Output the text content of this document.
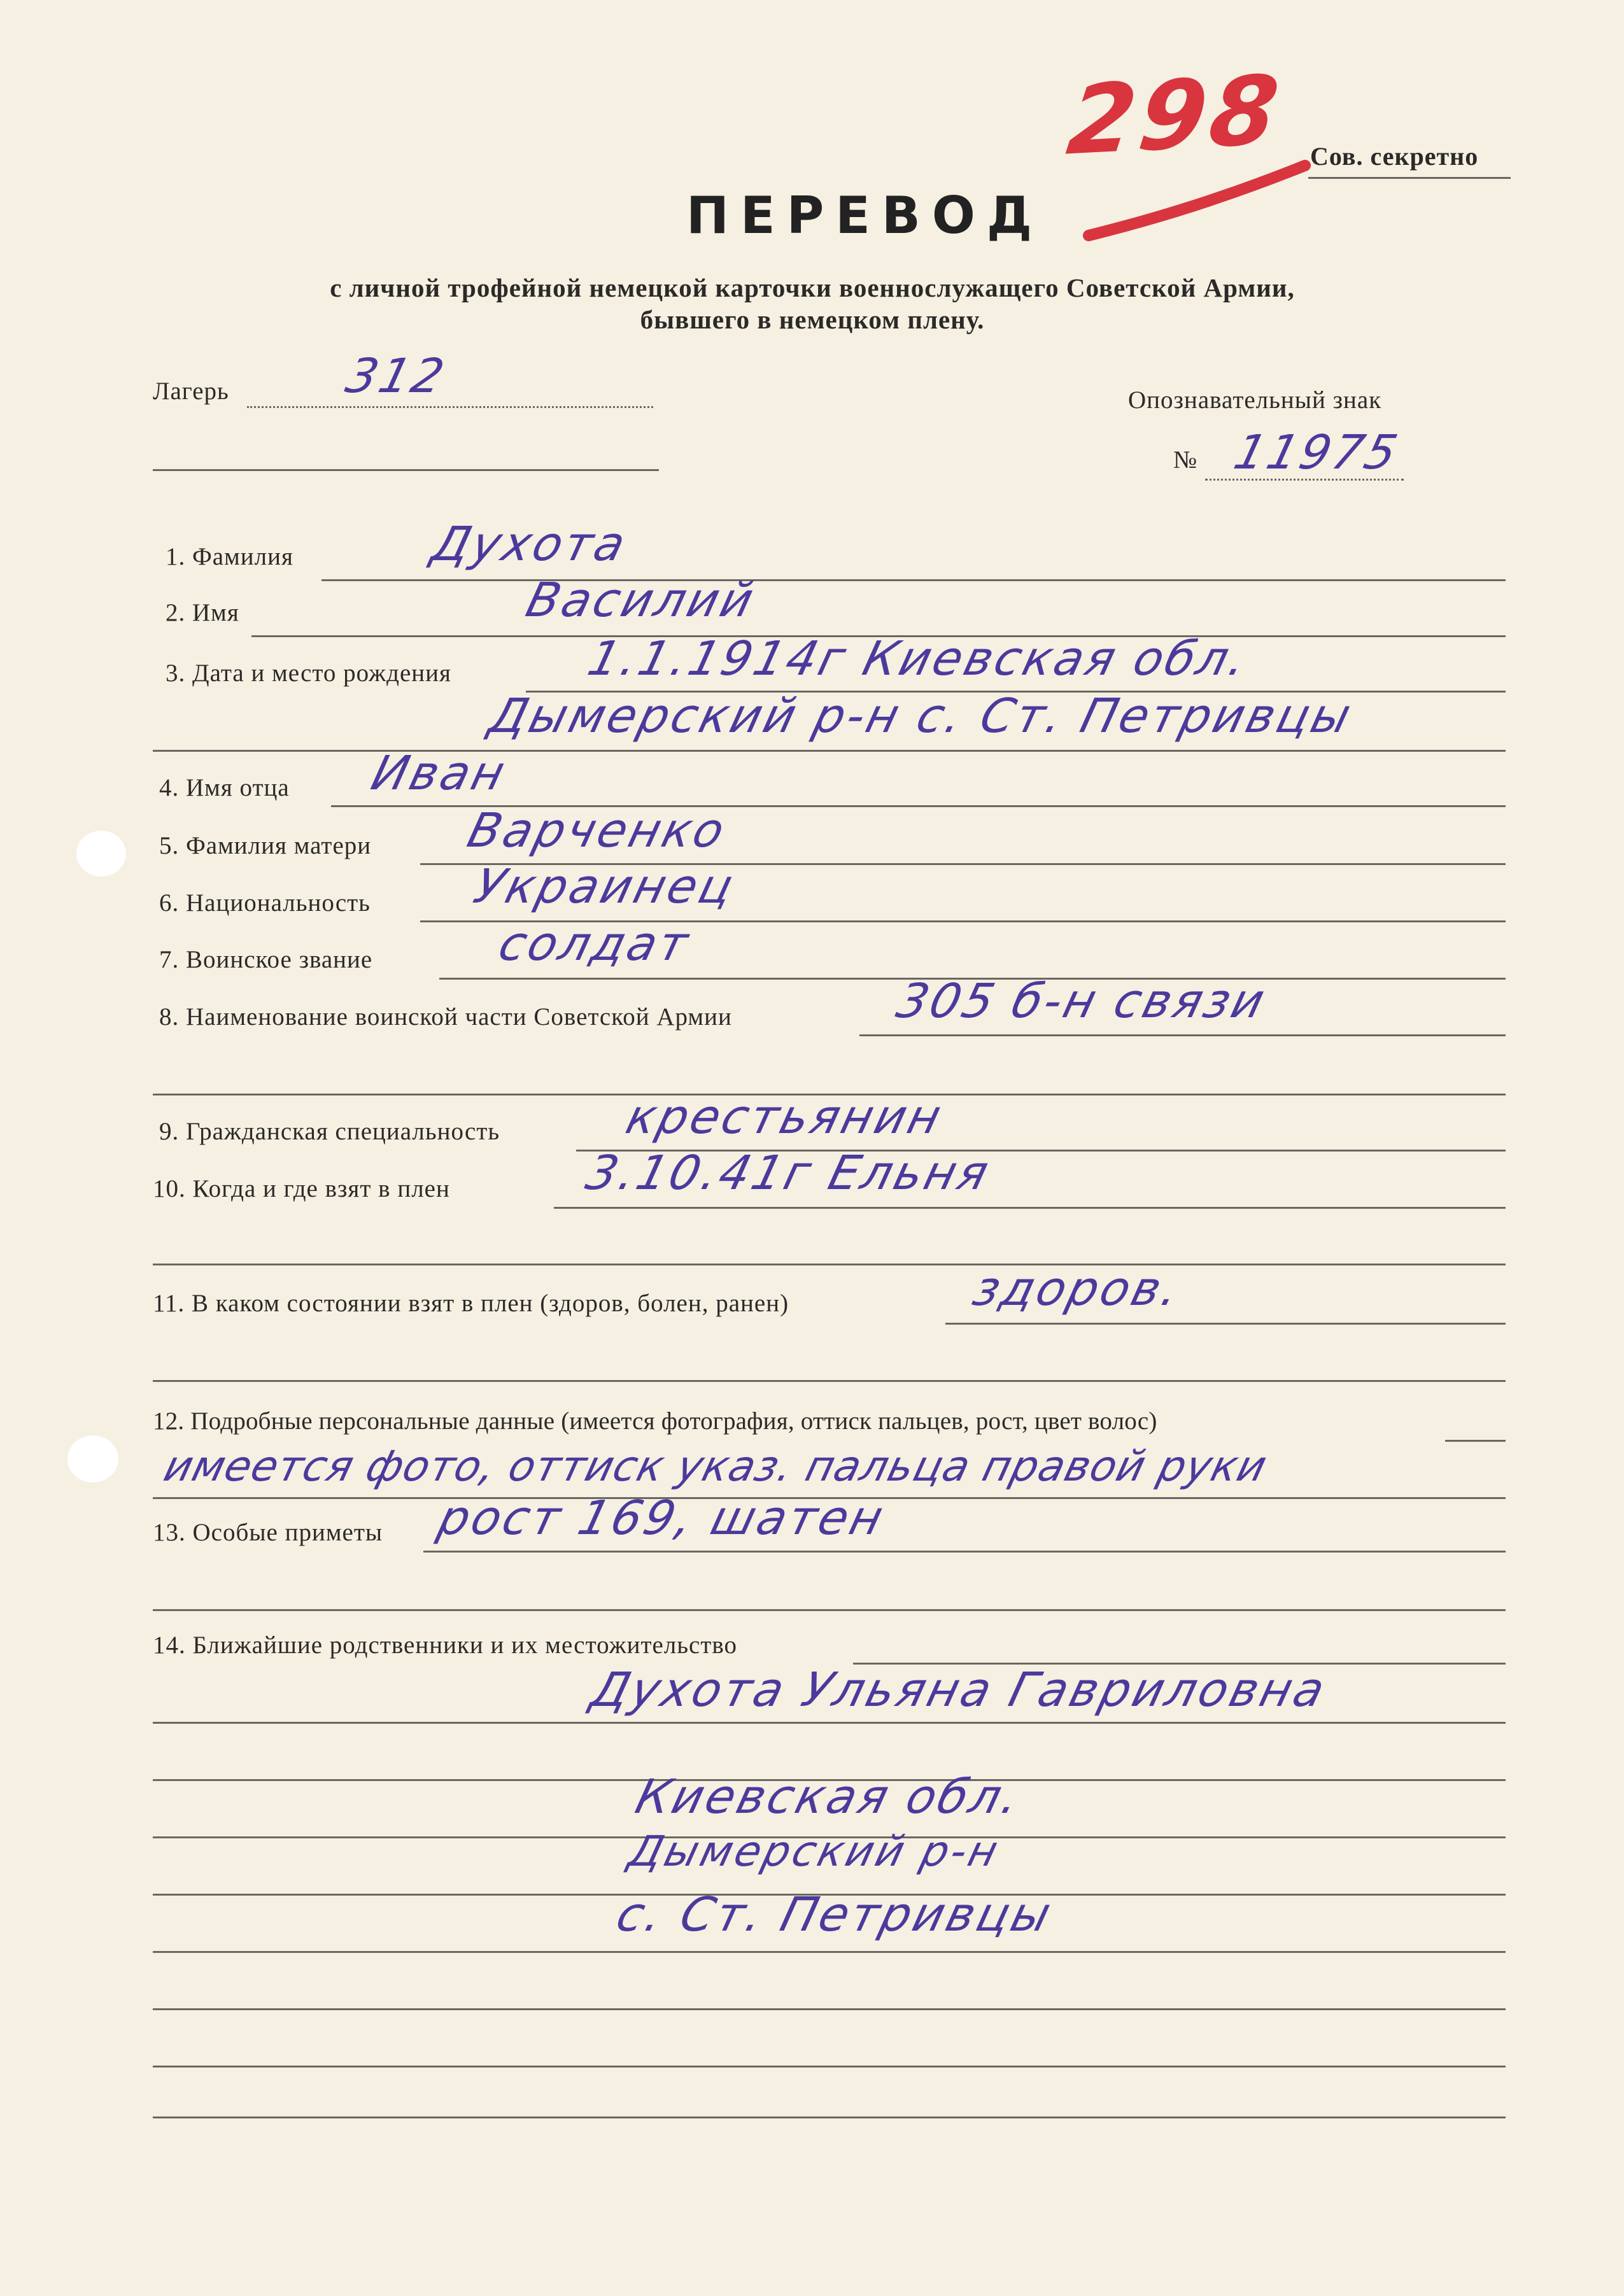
298 Сов. секретно
ПЕРЕВОД
с личной трофейной немецкой карточки военнослужащего Советской Армии,
бывшего в немецком плену.
Лагерь 312	Опознавательный знак
№ 11975
1. Фамилия	Духота
2. Имя	Василий
3. Дата и место рождения	1.1.1914г Киевская обл.
Дымерский р-н с. Ст. Петривцы
4. Имя отца Иван
5. Фамилия матери Варченко
6. Национальность Украинец
7. Воинское звание	солдат
8. Наименование воинской части Советской Армии	305 б-н связи
9. Гражданская специальность	крестьянин
10. Когда и где взят в плен	3.10.41г Ельня
11. В каком состоянии взят в плен (здоров, болен, ранен)	здоров.
12. Подробные персональные данные (имеется фотография, оттиск пальцев, рост, цвет волос)
имеется фото, оттиск указ. пальца правой руки
13. Особые приметы рост 169, шатен
14. Ближайшие родственники и их местожительство
Духота Ульяна Гавриловна
Киевская обл.
Дымерский р-н
с. Ст. Петривцы
